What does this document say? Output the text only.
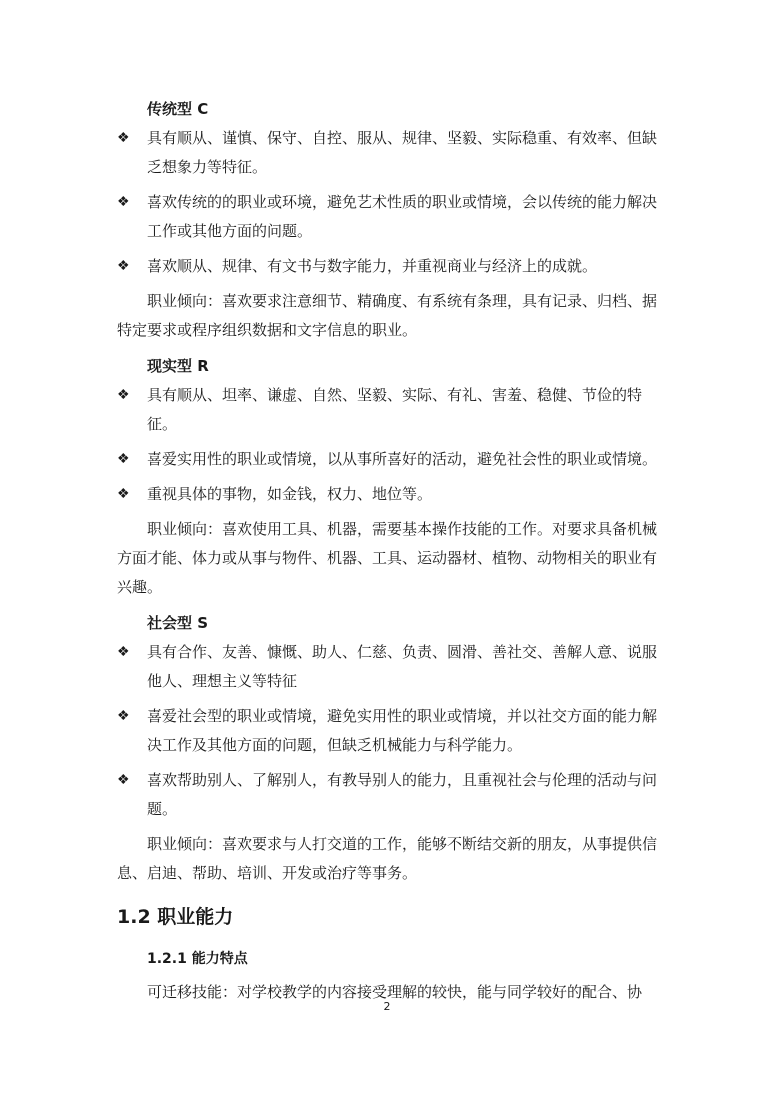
传统型 C
❖	具有顺从、谨慎、保守、自控、服从、规律、坚毅、实际稳重、有效率、但缺乏想象力等特征。
❖	喜欢传统的的职业或环境，避免艺术性质的职业或情境，会以传统的能力解决工作或其他方面的问题。
❖	喜欢顺从、规律、有文书与数字能力，并重视商业与经济上的成就。
职业倾向：喜欢要求注意细节、精确度、有系统有条理，具有记录、归档、据特定要求或程序组织数据和文字信息的职业。
现实型 R
❖	具有顺从、坦率、谦虚、自然、坚毅、实际、有礼、害羞、稳健、节俭的特征。
❖	喜爱实用性的职业或情境，以从事所喜好的活动，避免社会性的职业或情境。
❖	重视具体的事物，如金钱，权力、地位等。
职业倾向：喜欢使用工具、机器，需要基本操作技能的工作。对要求具备机械方面才能、体力或从事与物件、机器、工具、运动器材、植物、动物相关的职业有兴趣。
社会型 S
❖	具有合作、友善、慷慨、助人、仁慈、负责、圆滑、善社交、善解人意、说服他人、理想主义等特征
❖	喜爱社会型的职业或情境，避免实用性的职业或情境，并以社交方面的能力解决工作及其他方面的问题，但缺乏机械能力与科学能力。
❖	喜欢帮助别人、了解别人，有教导别人的能力，且重视社会与伦理的活动与问题。
职业倾向：喜欢要求与人打交道的工作，能够不断结交新的朋友，从事提供信息、启迪、帮助、培训、开发或治疗等事务。
1.2 职业能力
1.2.1 能力特点
可迁移技能：对学校教学的内容接受理解的较快，能与同学较好的配合、协
2
